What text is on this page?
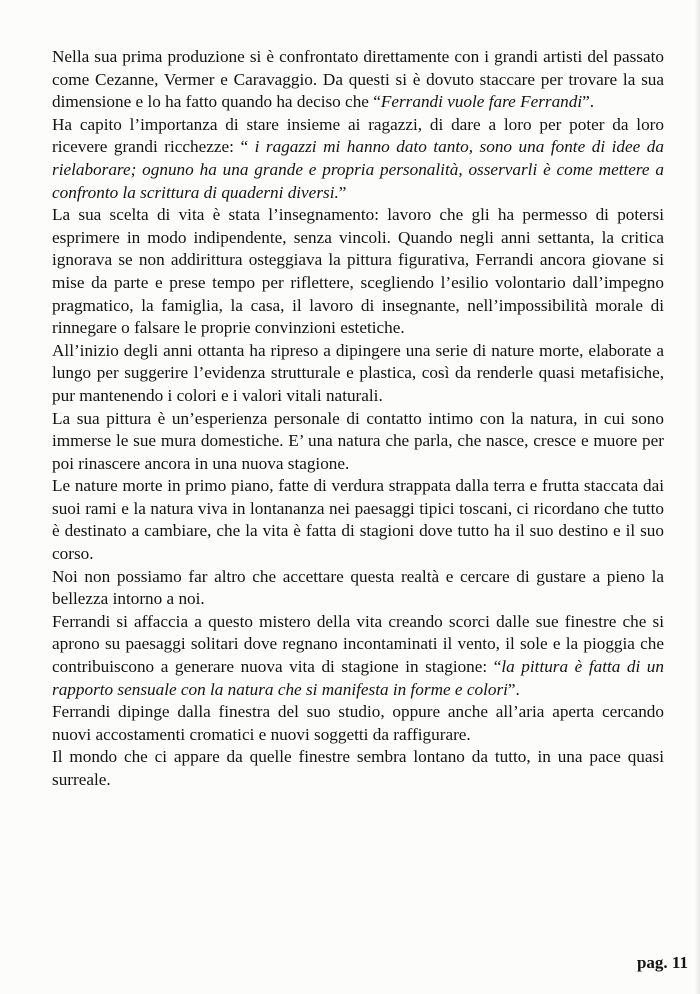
Nella sua prima produzione si è confrontato direttamente con i grandi artisti del passato come Cezanne, Vermer e Caravaggio. Da questi si è dovuto staccare per trovare la sua dimensione e lo ha fatto quando ha deciso che “Ferrandi vuole fare Ferrandi”.

Ha capito l’importanza di stare insieme ai ragazzi, di dare a loro per poter da loro ricevere grandi ricchezze: “ i ragazzi mi hanno dato tanto, sono una fonte di idee da rielaborare; ognuno ha una grande e propria personalità, osservarli è come mettere a confronto la scrittura di quaderni diversi.”

La sua scelta di vita è stata l’insegnamento: lavoro che gli ha permesso di potersi esprimere in modo indipendente, senza vincoli. Quando negli anni settanta, la critica ignorava se non addirittura osteggiava la pittura figurativa, Ferrandi ancora giovane si mise da parte e prese tempo per riflettere, scegliendo l’esilio volontario dall’impegno pragmatico, la famiglia, la casa, il lavoro di insegnante, nell’impossibilità morale di rinnegare o falsare le proprie convinzioni estetiche.

All’inizio degli anni ottanta ha ripreso a dipingere una serie di nature morte, elaborate a lungo per suggerire l’evidenza strutturale e plastica, così da renderle quasi metafisiche, pur mantenendo i colori e i valori vitali naturali.

La sua pittura è un’esperienza personale di contatto intimo con la natura, in cui sono immerse le sue mura domestiche. E’ una natura che parla, che nasce, cresce e muore per poi rinascere ancora in una nuova stagione.

Le nature morte in primo piano, fatte di verdura strappata dalla terra e frutta staccata dai suoi rami e la natura viva in lontananza nei paesaggi tipici toscani, ci ricordano che tutto è destinato a cambiare, che la vita è fatta di stagioni dove tutto ha il suo destino e il suo corso.

Noi non possiamo far altro che accettare questa realtà e cercare di gustare a pieno la bellezza intorno a noi.

Ferrandi si affaccia a questo mistero della vita creando scorci dalle sue finestre che si aprono su paesaggi solitari dove regnano incontaminati il vento, il sole e la pioggia che contribuiscono a generare nuova vita di stagione in stagione: “la pittura è fatta di un rapporto sensuale con la natura che si manifesta in forme e colori”.

Ferrandi dipinge dalla finestra del suo studio, oppure anche all’aria aperta cercando nuovi accostamenti cromatici e nuovi soggetti da raffigurare.

Il mondo che ci appare da quelle finestre sembra lontano da tutto, in una pace quasi surreale.

pag. 11
